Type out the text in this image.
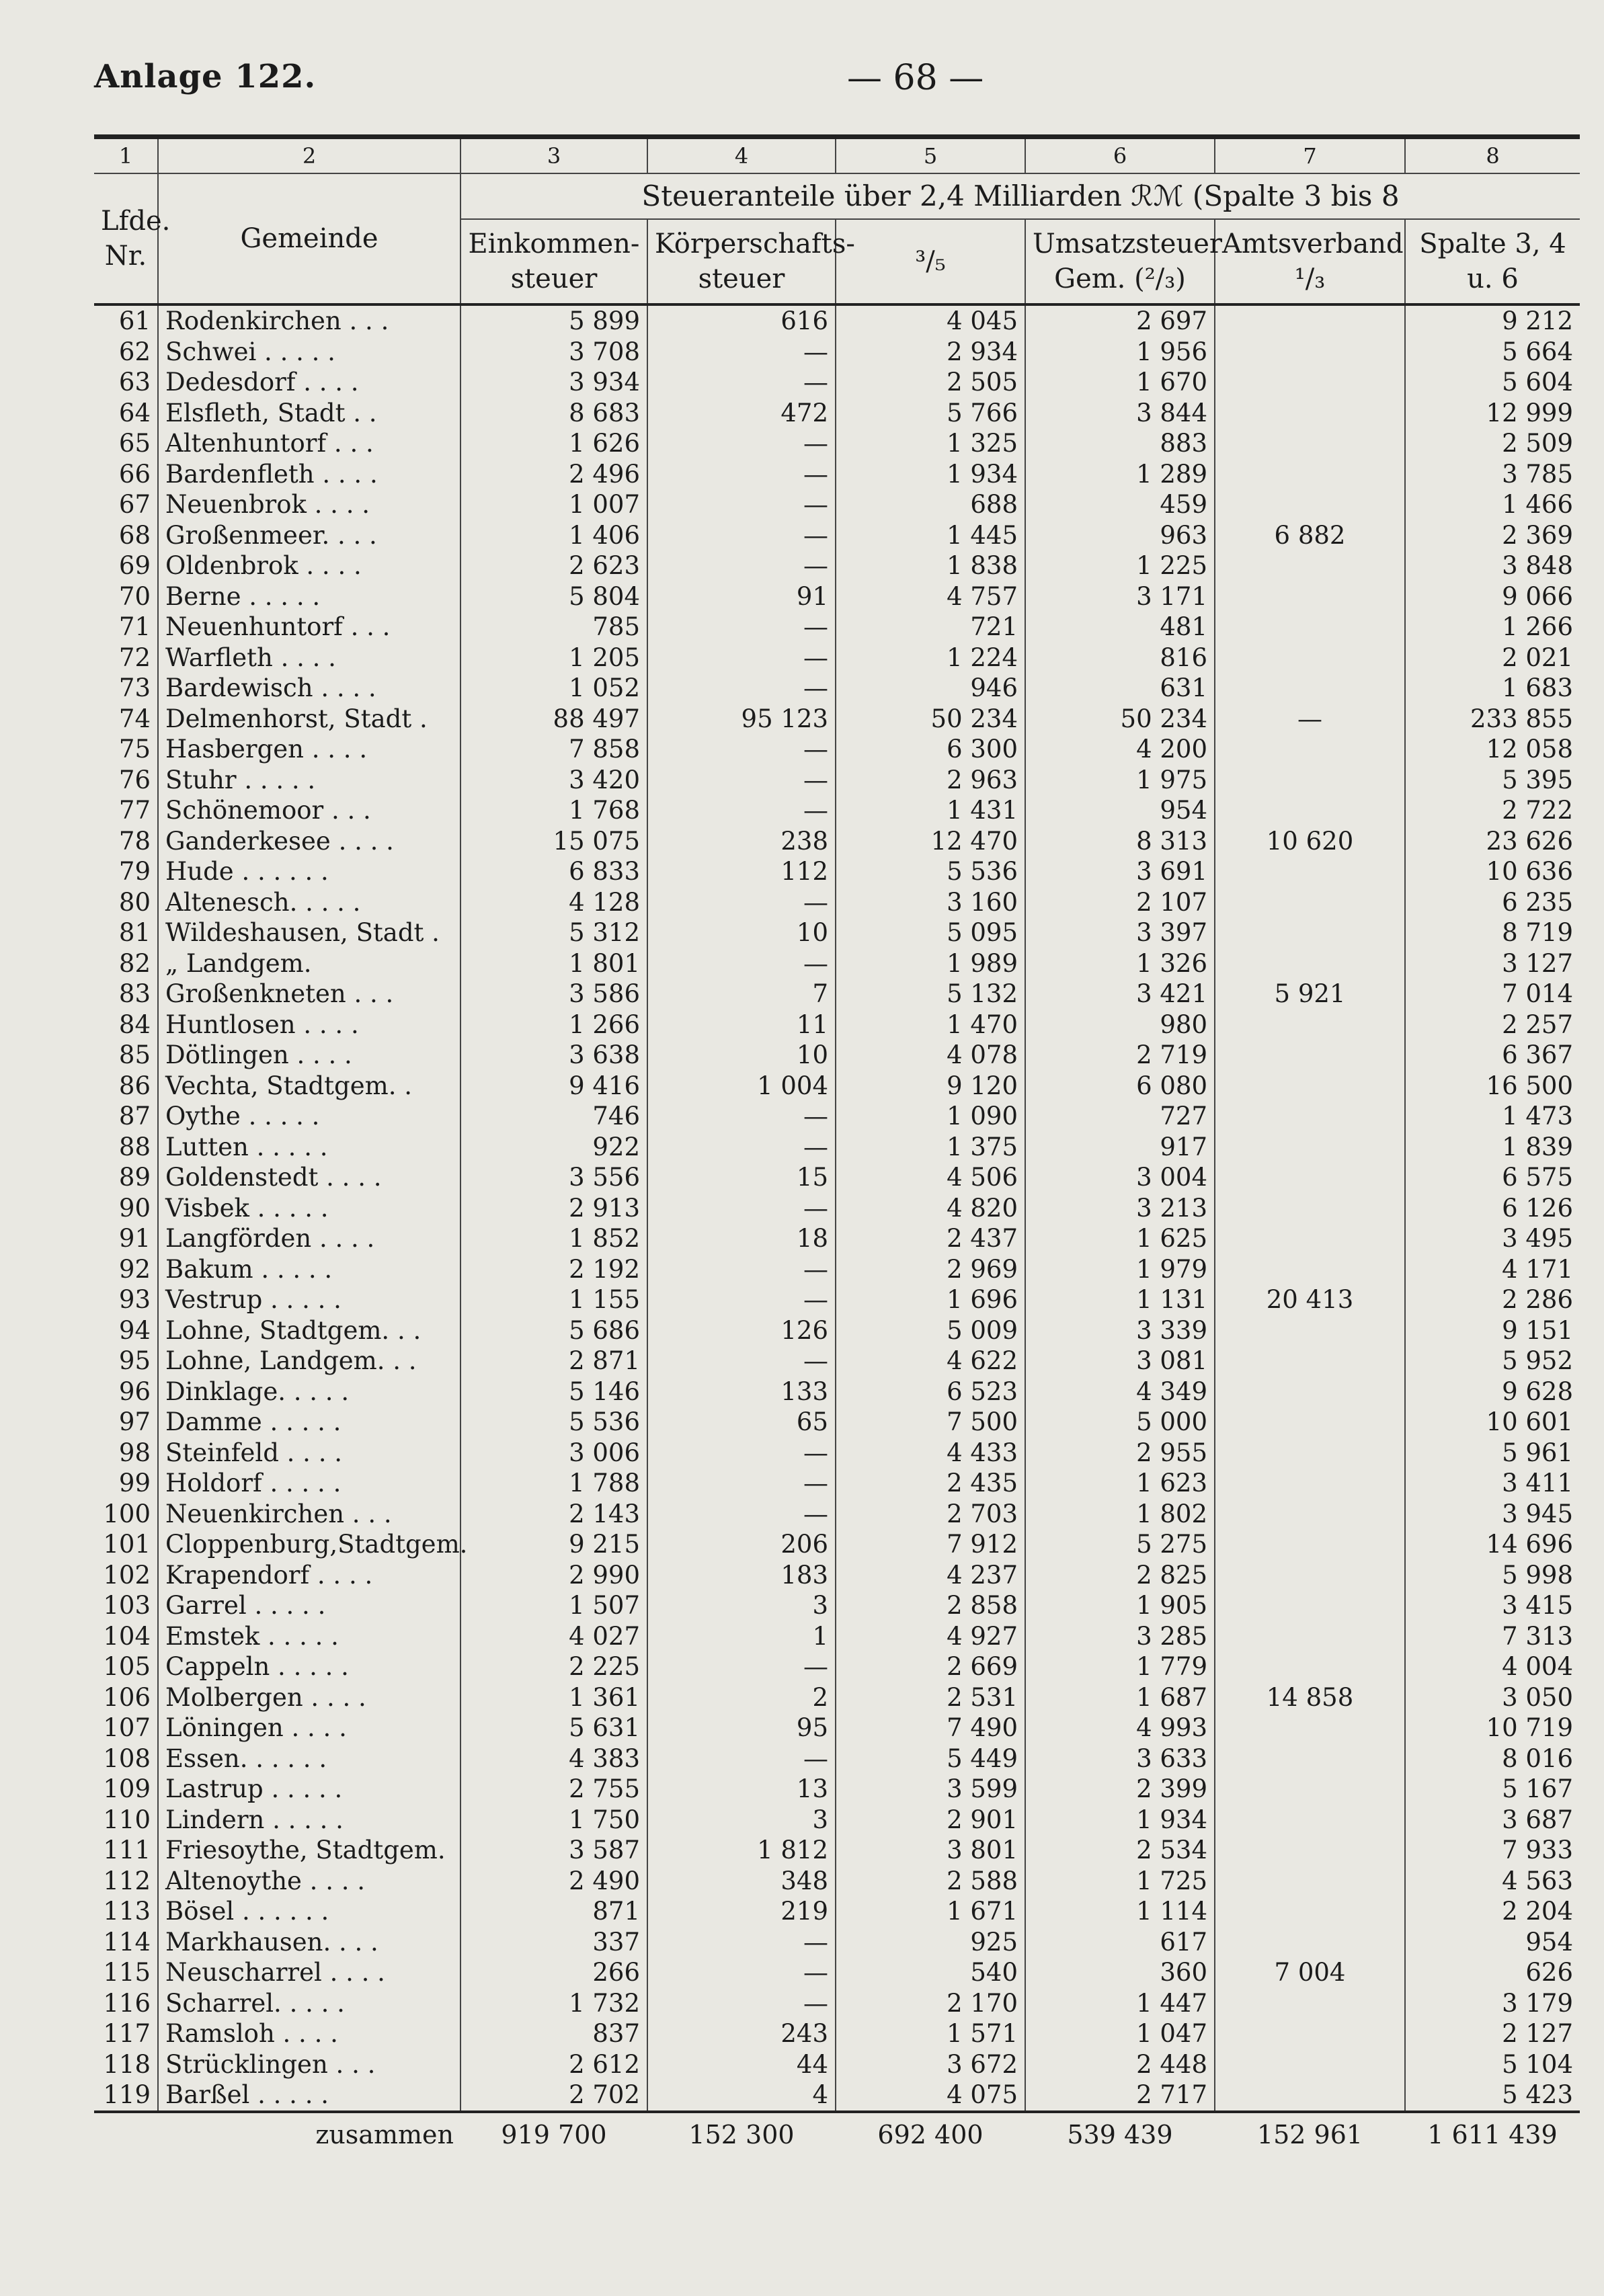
Anlage 122.	— 68 —
1	2	3	4	5	6	7	8
Lfde. Nr.	Gemeinde	Steueranteile über 2,4 Milliarden ℛℳ (Spalte 3 bis 8					
		Einkommen- steuer	Körperschafts- steuer	³/₅	Umsatzsteuer Gem. (²/₃)	Amtsverband ¹/₃	Spalte 3, 4 u. 6
61	Rodenkirchen . . .	5 899	616	4 045	2 697		9 212
62	Schwei . . . . .	3 708	—	2 934	1 956		5 664
63	Dedesdorf . . . .	3 934	—	2 505	1 670		5 604
64	Elsfleth, Stadt . .	8 683	472	5 766	3 844		12 999
65	Altenhuntorf . . .	1 626	—	1 325	883		2 509
66	Bardenfleth . . . .	2 496	—	1 934	1 289		3 785
67	Neuenbrok . . . .	1 007	—	688	459		1 466
68	Großenmeer. . . .	1 406	—	1 445	963	6 882	2 369
69	Oldenbrok . . . .	2 623	—	1 838	1 225		3 848
70	Berne . . . . .	5 804	91	4 757	3 171		9 066
71	Neuenhuntorf . . .	785	—	721	481		1 266
72	Warfleth . . . .	1 205	—	1 224	816		2 021
73	Bardewisch . . . .	1 052	—	946	631		1 683
74	Delmenhorst, Stadt .	88 497	95 123	50 234	50 234	—	233 855
75	Hasbergen . . . .	7 858	—	6 300	4 200		12 058
76	Stuhr . . . . .	3 420	—	2 963	1 975		5 395
77	Schönemoor . . .	1 768	—	1 431	954		2 722
78	Ganderkesee . . . .	15 075	238	12 470	8 313	10 620	23 626
79	Hude . . . . . .	6 833	112	5 536	3 691		10 636
80	Altenesch. . . . .	4 128	—	3 160	2 107		6 235
81	Wildeshausen, Stadt .	5 312	10	5 095	3 397		8 719
82	„ Landgem.	1 801	—	1 989	1 326		3 127
83	Großenkneten . . .	3 586	7	5 132	3 421	5 921	7 014
84	Huntlosen . . . .	1 266	11	1 470	980		2 257
85	Dötlingen . . . .	3 638	10	4 078	2 719		6 367
86	Vechta, Stadtgem. .	9 416	1 004	9 120	6 080		16 500
87	Oythe . . . . .	746	—	1 090	727		1 473
88	Lutten . . . . .	922	—	1 375	917		1 839
89	Goldenstedt . . . .	3 556	15	4 506	3 004		6 575
90	Visbek . . . . .	2 913	—	4 820	3 213		6 126
91	Langförden . . . .	1 852	18	2 437	1 625		3 495
92	Bakum . . . . .	2 192	—	2 969	1 979		4 171
93	Vestrup . . . . .	1 155	—	1 696	1 131	20 413	2 286
94	Lohne, Stadtgem. . .	5 686	126	5 009	3 339		9 151
95	Lohne, Landgem. . .	2 871	—	4 622	3 081		5 952
96	Dinklage. . . . .	5 146	133	6 523	4 349		9 628
97	Damme . . . . .	5 536	65	7 500	5 000		10 601
98	Steinfeld . . . .	3 006	—	4 433	2 955		5 961
99	Holdorf . . . . .	1 788	—	2 435	1 623		3 411
100	Neuenkirchen . . .	2 143	—	2 703	1 802		3 945
101	Cloppenburg,Stadtgem.	9 215	206	7 912	5 275		14 696
102	Krapendorf . . . .	2 990	183	4 237	2 825		5 998
103	Garrel . . . . .	1 507	3	2 858	1 905		3 415
104	Emstek . . . . .	4 027	1	4 927	3 285		7 313
105	Cappeln . . . . .	2 225	—	2 669	1 779		4 004
106	Molbergen . . . .	1 361	2	2 531	1 687	14 858	3 050
107	Löningen . . . .	5 631	95	7 490	4 993		10 719
108	Essen. . . . . .	4 383	—	5 449	3 633		8 016
109	Lastrup . . . . .	2 755	13	3 599	2 399		5 167
110	Lindern . . . . .	1 750	3	2 901	1 934		3 687
111	Friesoythe, Stadtgem.	3 587	1 812	3 801	2 534		7 933
112	Altenoythe . . . .	2 490	348	2 588	1 725		4 563
113	Bösel . . . . . .	871	219	1 671	1 114		2 204
114	Markhausen. . . .	337	—	925	617		954
115	Neuscharrel . . . .	266	—	540	360	7 004	626
116	Scharrel. . . . .	1 732	—	2 170	1 447		3 179
117	Ramsloh . . . .	837	243	1 571	1 047		2 127
118	Strücklingen . . .	2 612	44	3 672	2 448		5 104
119	Barßel . . . . .	2 702	4	4 075	2 717		5 423
zusammen		919 700	152 300	692 400	539 439	152 961	1 611 439
